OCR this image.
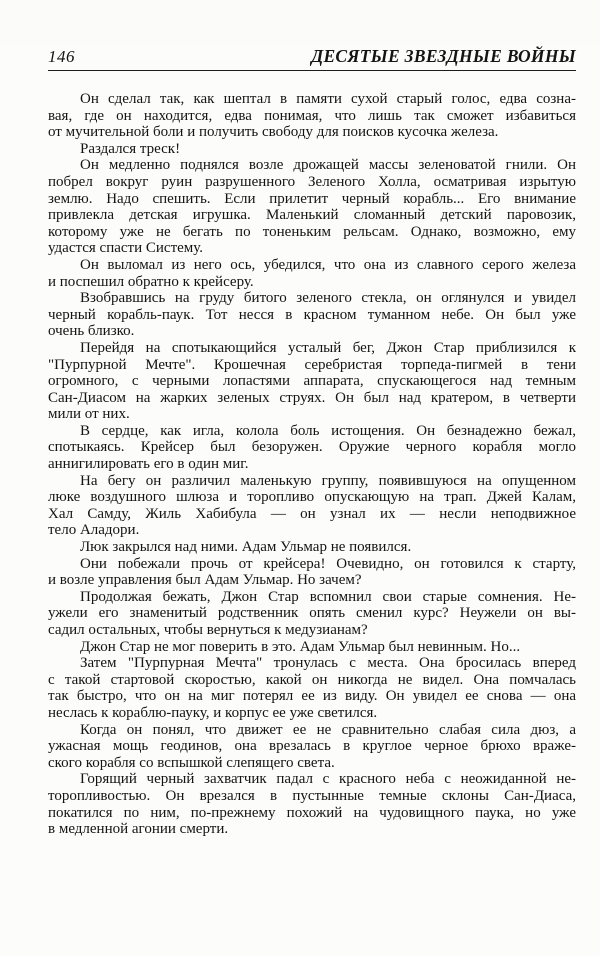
146	ДЕСЯТЫЕ ЗВЕЗДНЫЕ ВОЙНЫ
Он сделал так, как шептал в памяти сухой старый голос, едва созна-
вая, где он находится, едва понимая, что лишь так сможет избавиться
от мучительной боли и получить свободу для поисков кусочка железа.
Раздался треск!
Он медленно поднялся возле дрожащей массы зеленоватой гнили. Он
побрел вокруг руин разрушенного Зеленого Холла, осматривая изрытую
землю. Надо спешить. Если прилетит черный корабль... Его внимание
привлекла детская игрушка. Маленький сломанный детский паровозик,
которому уже не бегать по тоненьким рельсам. Однако, возможно, ему
удастся спасти Систему.
Он выломал из него ось, убедился, что она из славного серого железа
и поспешил обратно к крейсеру.
Взобравшись на груду битого зеленого стекла, он оглянулся и увидел
черный корабль-паук. Тот несся в красном туманном небе. Он был уже
очень близко.
Перейдя на спотыкающийся усталый бег, Джон Стар приблизился к
"Пурпурной Мечте". Крошечная серебристая торпеда-пигмей в тени
огромного, с черными лопастями аппарата, спускающегося над темным
Сан-Диасом на жарких зеленых струях. Он был над кратером, в четверти
мили от них.
В сердце, как игла, колола боль истощения. Он безнадежно бежал,
спотыкаясь. Крейсер был безоружен. Оружие черного корабля могло
аннигилировать его в один миг.
На бегу он различил маленькую группу, появившуюся на опущенном
люке воздушного шлюза и торопливо опускающую на трап. Джей Калам,
Хал Самду, Жиль Хабибула — он узнал их — несли неподвижное
тело Аладори.
Люк закрылся над ними. Адам Ульмар не появился.
Они побежали прочь от крейсера! Очевидно, он готовился к старту,
и возле управления был Адам Ульмар. Но зачем?
Продолжая бежать, Джон Стар вспомнил свои старые сомнения. Не-
ужели его знаменитый родственник опять сменил курс? Неужели он вы-
садил остальных, чтобы вернуться к медузианам?
Джон Стар не мог поверить в это. Адам Ульмар был невинным. Но...
Затем "Пурпурная Мечта" тронулась с места. Она бросилась вперед
с такой стартовой скоростью, какой он никогда не видел. Она помчалась
так быстро, что он на миг потерял ее из виду. Он увидел ее снова — она
неслась к кораблю-пауку, и корпус ее уже светился.
Когда он понял, что движет ее не сравнительно слабая сила дюз, а
ужасная мощь геодинов, она врезалась в круглое черное брюхо враже-
ского корабля со вспышкой слепящего света.
Горящий черный захватчик падал с красного неба с неожиданной не-
торопливостью. Он врезался в пустынные темные склоны Сан-Диаса,
покатился по ним, по-прежнему похожий на чудовищного паука, но уже
в медленной агонии смерти.
